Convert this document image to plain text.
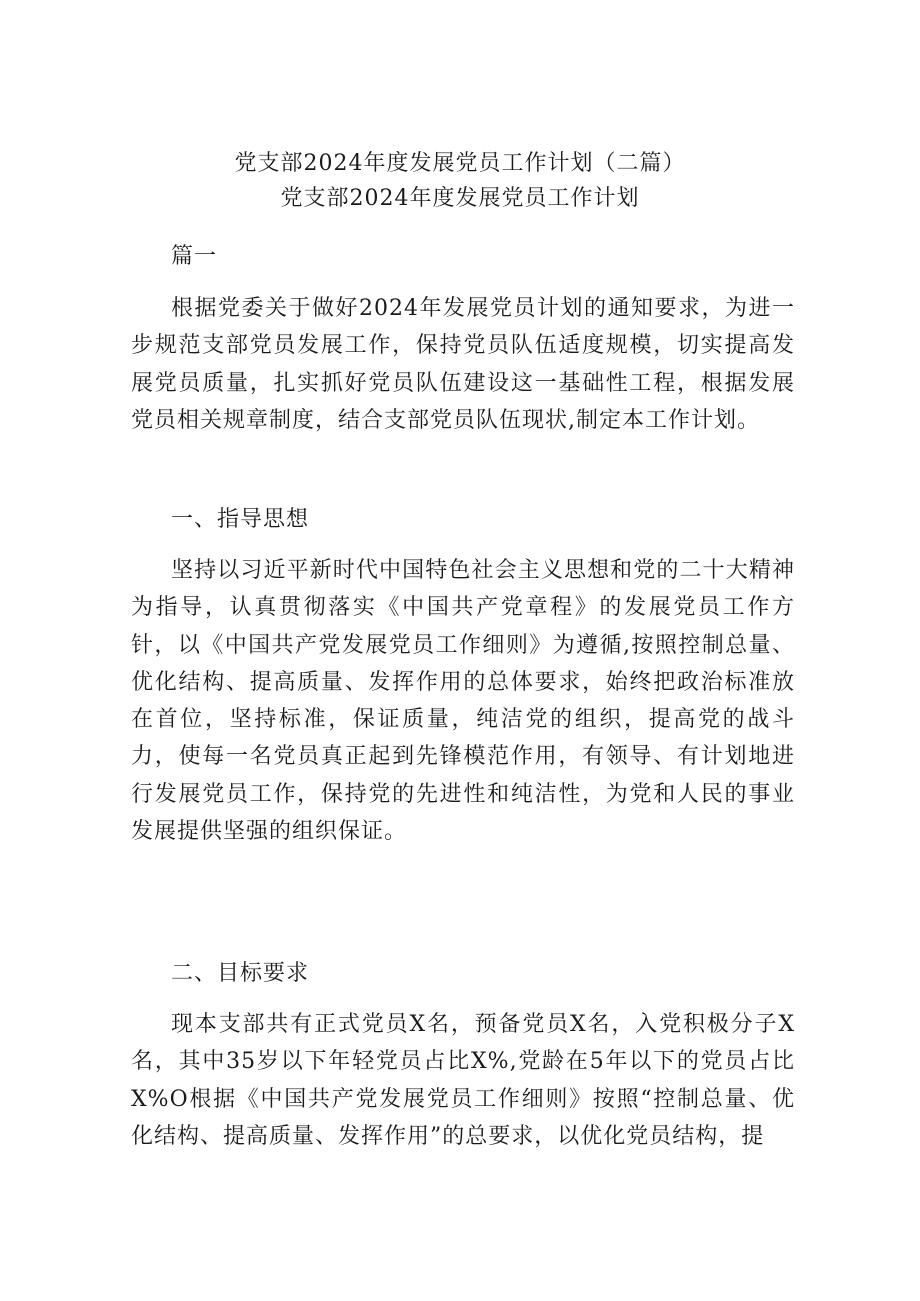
党支部2024年度发展党员工作计划（二篇）
党支部2024年度发展党员工作计划
篇一

根据党委关于做好2024年发展党员计划的通知要求，为进一步规范支部党员发展工作，保持党员队伍适度规模，切实提高发展党员质量，扎实抓好党员队伍建设这一基础性工程，根据发展党员相关规章制度，结合支部党员队伍现状,制定本工作计划。

一、指导思想

坚持以习近平新时代中国特色社会主义思想和党的二十大精神为指导，认真贯彻落实《中国共产党章程》的发展党员工作方针，以《中国共产党发展党员工作细则》为遵循,按照控制总量、优化结构、提高质量、发挥作用的总体要求，始终把政治标准放在首位，坚持标准，保证质量，纯洁党的组织，提高党的战斗力，使每一名党员真正起到先锋模范作用，有领导、有计划地进行发展党员工作，保持党的先进性和纯洁性，为党和人民的事业发展提供坚强的组织保证。

二、目标要求

现本支部共有正式党员X名，预备党员X名，入党积极分子X名，其中35岁以下年轻党员占比X%,党龄在5年以下的党员占比X%O根据《中国共产党发展党员工作细则》按照“控制总量、优化结构、提高质量、发挥作用”的总要求，以优化党员结构，提
